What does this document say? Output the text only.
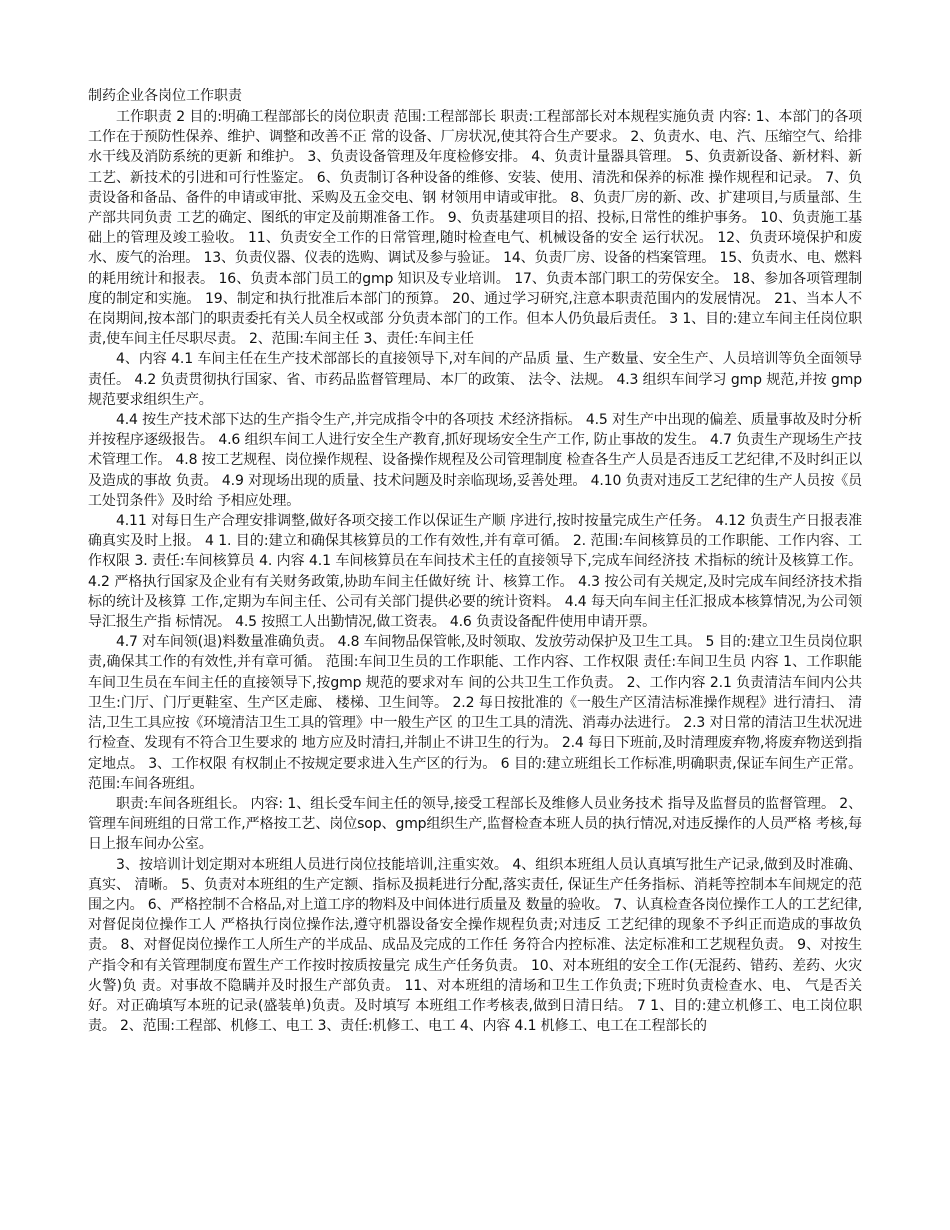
制药企业各岗位工作职责

工作职责 2 目的:明确工程部部长的岗位职责 范围:工程部部长 职责:工程部部长对本规程实施负责 内容: 1、本部门的各项工作在于预防性保养、维护、调整和改善不正 常的设备、厂房状况,使其符合生产要求。 2、负责水、电、汽、压缩空气、给排水干线及消防系统的更新 和维护。 3、负责设备管理及年度检修安排。 4、负责计量器具管理。 5、负责新设备、新材料、新工艺、新技术的引进和可行性鉴定。 6、负责制订各种设备的维修、安装、使用、清洗和保养的标准 操作规程和记录。 7、负责设备和备品、备件的申请或审批、采购及五金交电、钢 材领用申请或审批。 8、负责厂房的新、改、扩建项目,与质量部、生产部共同负责 工艺的确定、图纸的审定及前期准备工作。 9、负责基建项目的招、投标,日常性的维护事务。 10、负责施工基础上的管理及竣工验收。 11、负责安全工作的日常管理,随时检查电气、机械设备的安全 运行状况。 12、负责环境保护和废水、废气的治理。 13、负责仪器、仪表的选购、调试及参与验证。 14、负责厂房、设备的档案管理。 15、负责水、电、燃料的耗用统计和报表。 16、负责本部门员工的gmp 知识及专业培训。 17、负责本部门职工的劳保安全。 18、参加各项管理制度的制定和实施。 19、制定和执行批准后本部门的预算。 20、通过学习研究,注意本职责范围内的发展情况。 21、当本人不在岗期间,按本部门的职责委托有关人员全权或部 分负责本部门的工作。但本人仍负最后责任。 3 1、目的:建立车间主任岗位职责,使车间主任尽职尽责。 2、范围:车间主任 3、责任:车间主任

4、内容 4.1 车间主任在生产技术部部长的直接领导下,对车间的产品质 量、生产数量、安全生产、人员培训等负全面领导责任。 4.2 负责贯彻执行国家、省、市药品监督管理局、本厂的政策、 法令、法规。 4.3 组织车间学习 gmp 规范,并按 gmp 规范要求组织生产。

4.4 按生产技术部下达的生产指令生产,并完成指令中的各项技 术经济指标。 4.5 对生产中出现的偏差、质量事故及时分析并按程序逐级报告。 4.6 组织车间工人进行安全生产教育,抓好现场安全生产工作, 防止事故的发生。 4.7 负责生产现场生产技术管理工作。 4.8 按工艺规程、岗位操作规程、设备操作规程及公司管理制度 检查各生产人员是否违反工艺纪律,不及时纠正以及造成的事故 负责。 4.9 对现场出现的质量、技术问题及时亲临现场,妥善处理。 4.10 负责对违反工艺纪律的生产人员按《员工处罚条件》及时给 予相应处理。

4.11 对每日生产合理安排调整,做好各项交接工作以保证生产顺 序进行,按时按量完成生产任务。 4.12 负责生产日报表准确真实及时上报。 4 1. 目的:建立和确保其核算员的工作有效性,并有章可循。 2. 范围:车间核算员的工作职能、工作内容、工作权限 3. 责任:车间核算员 4. 内容 4.1 车间核算员在车间技术主任的直接领导下,完成车间经济技 术指标的统计及核算工作。 4.2 严格执行国家及企业有有关财务政策,协助车间主任做好统 计、核算工作。 4.3 按公司有关规定,及时完成车间经济技术指标的统计及核算 工作,定期为车间主任、公司有关部门提供必要的统计资料。 4.4 每天向车间主任汇报成本核算情况,为公司领导汇报生产指 标情况。 4.5 按照工人出勤情况,做工资表。 4.6 负责设备配件使用申请开票。

4.7 对车间领(退)料数量准确负责。 4.8 车间物品保管帐,及时领取、发放劳动保护及卫生工具。 5 目的:建立卫生员岗位职责,确保其工作的有效性,并有章可循。 范围:车间卫生员的工作职能、工作内容、工作权限 责任:车间卫生员 内容 1、工作职能 车间卫生员在车间主任的直接领导下,按gmp 规范的要求对车 间的公共卫生工作负责。 2、工作内容 2.1 负责清洁车间内公共卫生:门厅、门厅更鞋室、生产区走廊、 楼梯、卫生间等。 2.2 每日按批准的《一般生产区清洁标准操作规程》进行清扫、 清洁,卫生工具应按《环境清洁卫生工具的管理》中一般生产区 的卫生工具的清洗、消毒办法进行。 2.3 对日常的清洁卫生状况进行检查、发现有不符合卫生要求的 地方应及时清扫,并制止不讲卫生的行为。 2.4 每日下班前,及时清理废弃物,将废弃物送到指定地点。 3、工作权限 有权制止不按规定要求进入生产区的行为。 6 目的:建立班组长工作标准,明确职责,保证车间生产正常。 范围:车间各班组。

职责:车间各班组长。 内容: 1、组长受车间主任的领导,接受工程部长及维修人员业务技术 指导及监督员的监督管理。 2、管理车间班组的日常工作,严格按工艺、岗位sop、gmp组织生产,监督检查本班人员的执行情况,对违反操作的人员严格 考核,每日上报车间办公室。

3、按培训计划定期对本班组人员进行岗位技能培训,注重实效。 4、组织本班组人员认真填写批生产记录,做到及时准确、真实、 清晰。 5、负责对本班组的生产定额、指标及损耗进行分配,落实责任, 保证生产任务指标、消耗等控制本车间规定的范围之内。 6、严格控制不合格品,对上道工序的物料及中间体进行质量及 数量的验收。 7、认真检查各岗位操作工人的工艺纪律,对督促岗位操作工人 严格执行岗位操作法,遵守机器设备安全操作规程负责;对违反 工艺纪律的现象不予纠正而造成的事故负责。 8、对督促岗位操作工人所生产的半成品、成品及完成的工作任 务符合内控标准、法定标准和工艺规程负责。 9、对按生产指令和有关管理制度布置生产工作按时按质按量完 成生产任务负责。 10、对本班组的安全工作(无混药、错药、差药、火灾火警)负 责。对事故不隐瞒并及时报生产部负责。 11、对本班组的清场和卫生工作负责;下班时负责检查水、电、 气是否关好。对正确填写本班的记录(盛装单)负责。及时填写 本班组工作考核表,做到日清日结。 7 1、目的:建立机修工、电工岗位职责。 2、范围:工程部、机修工、电工 3、责任:机修工、电工 4、内容 4.1 机修工、电工在工程部长的
